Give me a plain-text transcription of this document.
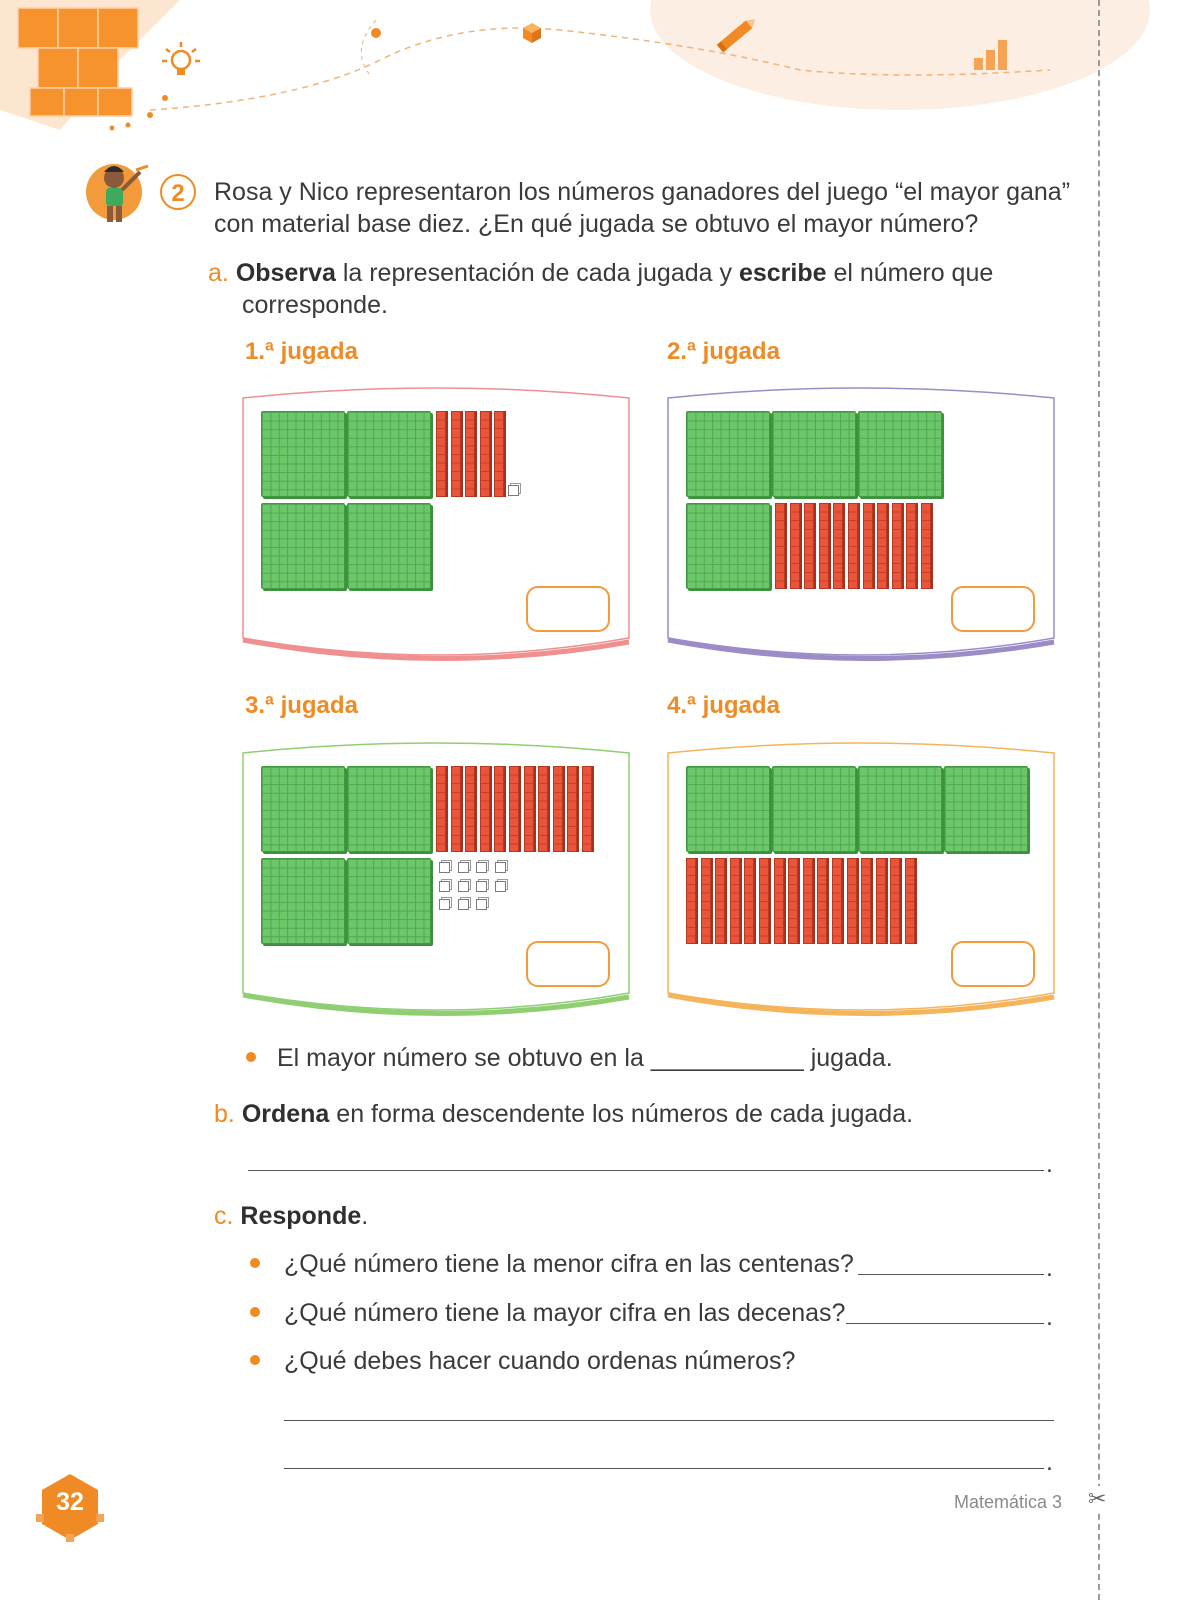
2	Rosa y Nico representaron los números ganadores del juego “el mayor gana”
con material base diez. ¿En qué jugada se obtuvo el mayor número?
a. Observa la representación de cada jugada y escribe el número que
corresponde.
1.ª jugada	2.ª jugada
3.ª jugada	4.ª jugada
El mayor número se obtuvo en la ___________ jugada.
b. Ordena en forma descendente los números de cada jugada.
.
c. Responde.
¿Qué número tiene la menor cifra en las centenas?	.
¿Qué número tiene la mayor cifra en las decenas?	.
¿Qué debes hacer cuando ordenas números?
.
32	Matemática 3 ✂
